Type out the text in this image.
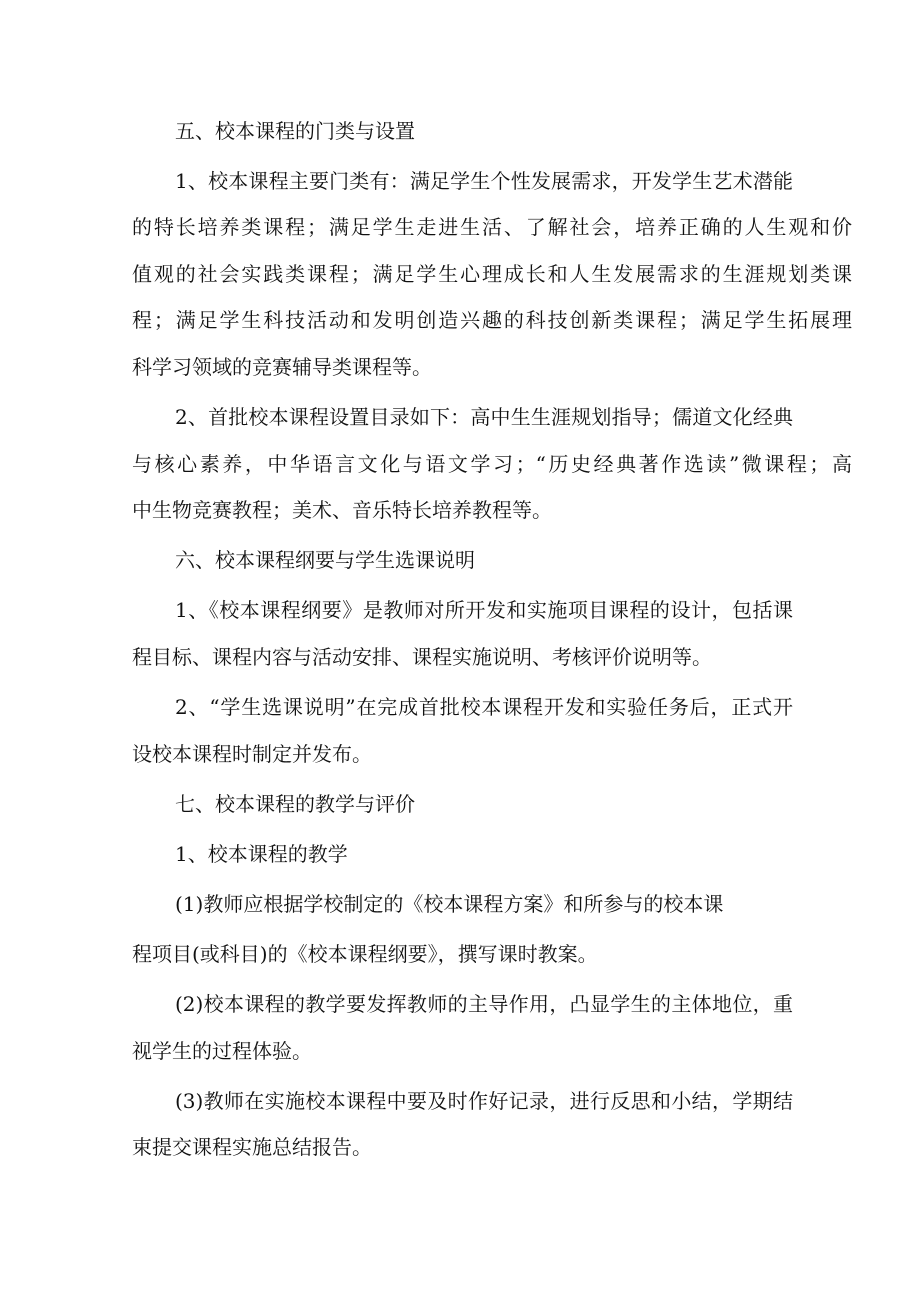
五、校本课程的门类与设置
1、校本课程主要门类有：满足学生个性发展需求，开发学生艺术潜能
的特长培养类课程；满足学生走进生活、了解社会，培养正确的人生观和价
值观的社会实践类课程；满足学生心理成长和人生发展需求的生涯规划类课
程；满足学生科技活动和发明创造兴趣的科技创新类课程；满足学生拓展理
科学习领域的竞赛辅导类课程等。
2、首批校本课程设置目录如下：高中生生涯规划指导；儒道文化经典
与核心素养，中华语言文化与语文学习；“历史经典著作选读”微课程；高
中生物竞赛教程；美术、音乐特长培养教程等。
六、校本课程纲要与学生选课说明
1、《校本课程纲要》是教师对所开发和实施项目课程的设计，包括课
程目标、课程内容与活动安排、课程实施说明、考核评价说明等。
2、“学生选课说明”在完成首批校本课程开发和实验任务后，正式开
设校本课程时制定并发布。
七、校本课程的教学与评价
1、校本课程的教学
(1)教师应根据学校制定的《校本课程方案》和所参与的校本课
程项目(或科目)的《校本课程纲要》，撰写课时教案。
(2)校本课程的教学要发挥教师的主导作用，凸显学生的主体地位，重
视学生的过程体验。
(3)教师在实施校本课程中要及时作好记录，进行反思和小结，学期结
束提交课程实施总结报告。
